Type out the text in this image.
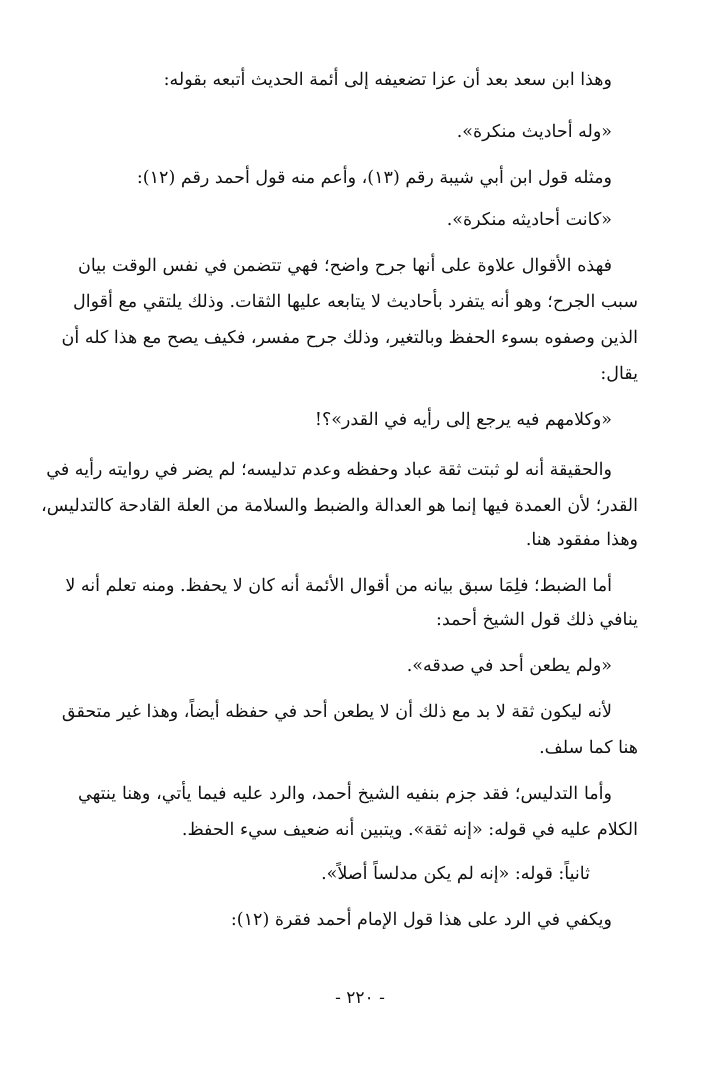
وهذا ابن سعد بعد أن عزا تضعيفه إلى أئمة الحديث أتبعه بقوله:

«وله أحاديث منكرة».

ومثله قول ابن أبي شيبة رقم (١٣)، وأعم منه قول أحمد رقم (١٢):

«كانت أحاديثه منكرة».

فهذه الأقوال علاوة على أنها جرح واضح؛ فهي تتضمن في نفس الوقت بيان

سبب الجرح؛ وهو أنه يتفرد بأحاديث لا يتابعه عليها الثقات. وذلك يلتقي مع أقوال

الذين وصفوه بسوء الحفظ وبالتغير، وذلك جرح مفسر، فكيف يصح مع هذا كله أن

يقال:

«وكلامهم فيه يرجع إلى رأيه في القدر»؟!

والحقيقة أنه لو ثبتت ثقة عباد وحفظه وعدم تدليسه؛ لم يضر في روايته رأيه في

القدر؛ لأن العمدة فيها إنما هو العدالة والضبط والسلامة من العلة القادحة كالتدليس،

وهذا مفقود هنا.

أما الضبط؛ فلِمَا سبق بيانه من أقوال الأئمة أنه كان لا يحفظ. ومنه تعلم أنه لا

ينافي ذلك قول الشيخ أحمد:

«ولم يطعن أحد في صدقه».

لأنه ليكون ثقة لا بد مع ذلك أن لا يطعن أحد في حفظه أيضاً، وهذا غير متحقق

هنا كما سلف.

وأما التدليس؛ فقد جزم بنفيه الشيخ أحمد، والرد عليه فيما يأتي، وهنا ينتهي

الكلام عليه في قوله: «إنه ثقة». ويتبين أنه ضعيف سيء الحفظ.

ثانياً: قوله: «إنه لم يكن مدلساً أصلاً».

ويكفي في الرد على هذا قول الإمام أحمد فقرة (١٢):

- ٢٢٠ -
